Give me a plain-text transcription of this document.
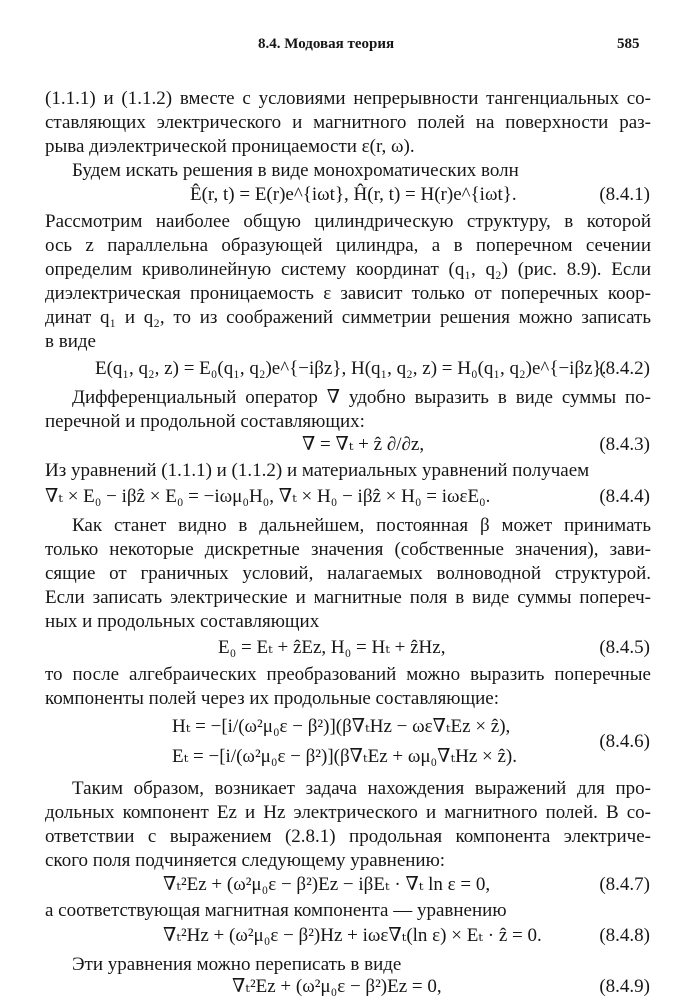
8.4. Модовая теория	585
(1.1.1) и (1.1.2) вместе с условиями непрерывности тангенциальных со-
ставляющих электрического и магнитного полей на поверхности раз-
рыва диэлектрической проницаемости ε(r, ω).
Будем искать решения в виде монохроматических волн
Ê(r, t) = E(r)e^{iωt}, Ĥ(r, t) = H(r)e^{iωt}.	(8.4.1)
Рассмотрим наиболее общую цилиндрическую структуру, в которой
ось z параллельна образующей цилиндра, а в поперечном сечении
определим криволинейную систему координат (q₁, q₂) (рис. 8.9). Если
диэлектрическая проницаемость ε зависит только от поперечных коор-
динат q₁ и q₂, то из соображений симметрии решения можно записать
в виде
E(q₁, q₂, z) = E₀(q₁, q₂)e^{−iβz}, H(q₁, q₂, z) = H₀(q₁, q₂)e^{−iβz}.
(8.4.2)
Дифференциальный оператор ∇ удобно выразить в виде суммы по-
перечной и продольной составляющих:
∇ = ∇ₜ + ẑ ∂/∂z,	(8.4.3)
Из уравнений (1.1.1) и (1.1.2) и материальных уравнений получаем
∇ₜ × E₀ − iβẑ × E₀ = −iωμ₀H₀, ∇ₜ × H₀ − iβẑ × H₀ = iωεE₀.	(8.4.4)
Как станет видно в дальнейшем, постоянная β может принимать
только некоторые дискретные значения (собственные значения), зави-
сящие от граничных условий, налагаемых волноводной структурой.
Если записать электрические и магнитные поля в виде суммы попереч-
ных и продольных составляющих
E₀ = Eₜ + ẑEz, H₀ = Hₜ + ẑHz,	(8.4.5)
то после алгебраических преобразований можно выразить поперечные
компоненты полей через их продольные составляющие:
Hₜ = −[i/(ω²μ₀ε − β²)](β∇ₜHz − ωε∇ₜEz × ẑ),
Eₜ = −[i/(ω²μ₀ε − β²)](β∇ₜEz + ωμ₀∇ₜHz × ẑ).
(8.4.6)
Таким образом, возникает задача нахождения выражений для про-
дольных компонент Ez и Hz электрического и магнитного полей. В со-
ответствии с выражением (2.8.1) продольная компонента электриче-
ского поля подчиняется следующему уравнению:
∇ₜ²Ez + (ω²μ₀ε − β²)Ez − iβEₜ · ∇ₜ ln ε = 0,	(8.4.7)
а соответствующая магнитная компонента — уравнению
∇ₜ²Hz + (ω²μ₀ε − β²)Hz + iωε∇ₜ(ln ε) × Eₜ · ẑ = 0.	(8.4.8)
Эти уравнения можно переписать в виде
∇ₜ²Ez + (ω²μ₀ε − β²)Ez = 0,	(8.4.9)
